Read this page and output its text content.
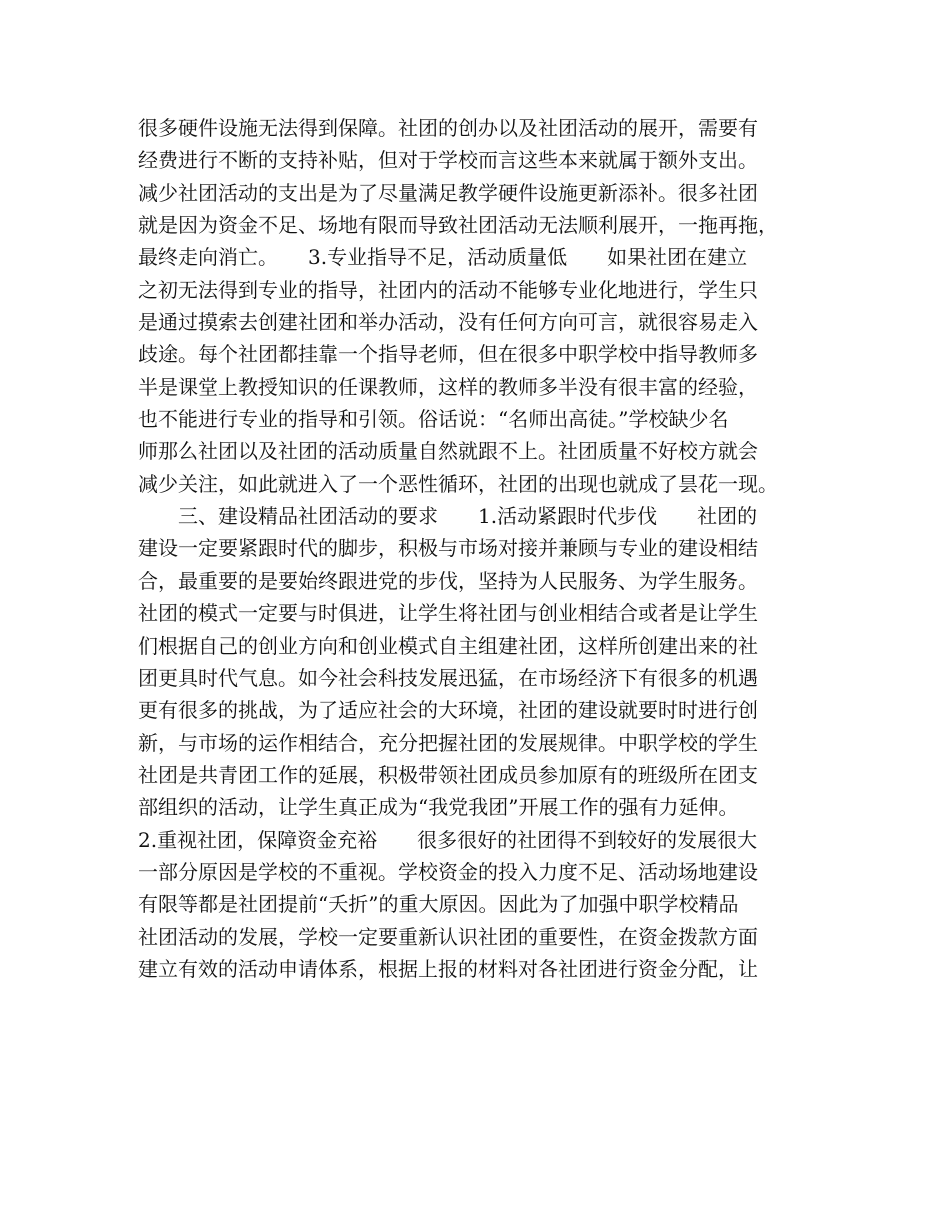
很多硬件设施无法得到保障。社团的创办以及社团活动的展开，需要有
经费进行不断的支持补贴，但对于学校而言这些本来就属于额外支出。
减少社团活动的支出是为了尽量满足教学硬件设施更新添补。很多社团
就是因为资金不足、场地有限而导致社团活动无法顺利展开，一拖再拖，
最终走向消亡。　　3.专业指导不足，活动质量低　　如果社团在建立
之初无法得到专业的指导，社团内的活动不能够专业化地进行，学生只
是通过摸索去创建社团和举办活动，没有任何方向可言，就很容易走入
歧途。每个社团都挂靠一个指导老师，但在很多中职学校中指导教师多
半是课堂上教授知识的任课教师，这样的教师多半没有很丰富的经验，
也不能进行专业的指导和引领。俗话说：“名师出高徒。”学校缺少名
师那么社团以及社团的活动质量自然就跟不上。社团质量不好校方就会
减少关注，如此就进入了一个恶性循环，社团的出现也就成了昙花一现。
　　三、建设精品社团活动的要求　　1.活动紧跟时代步伐　　社团的
建设一定要紧跟时代的脚步，积极与市场对接并兼顾与专业的建设相结
合，最重要的是要始终跟进党的步伐，坚持为人民服务、为学生服务。
社团的模式一定要与时俱进，让学生将社团与创业相结合或者是让学生
们根据自己的创业方向和创业模式自主组建社团，这样所创建出来的社
团更具时代气息。如今社会科技发展迅猛，在市场经济下有很多的机遇
更有很多的挑战，为了适应社会的大环境，社团的建设就要时时进行创
新，与市场的运作相结合，充分把握社团的发展规律。中职学校的学生
社团是共青团工作的延展，积极带领社团成员参加原有的班级所在团支
部组织的活动，让学生真正成为“我党我团”开展工作的强有力延伸。
2.重视社团，保障资金充裕　　很多很好的社团得不到较好的发展很大
一部分原因是学校的不重视。学校资金的投入力度不足、活动场地建设
有限等都是社团提前“夭折”的重大原因。因此为了加强中职学校精品
社团活动的发展，学校一定要重新认识社团的重要性，在资金拨款方面
建立有效的活动申请体系，根据上报的材料对各社团进行资金分配，让
